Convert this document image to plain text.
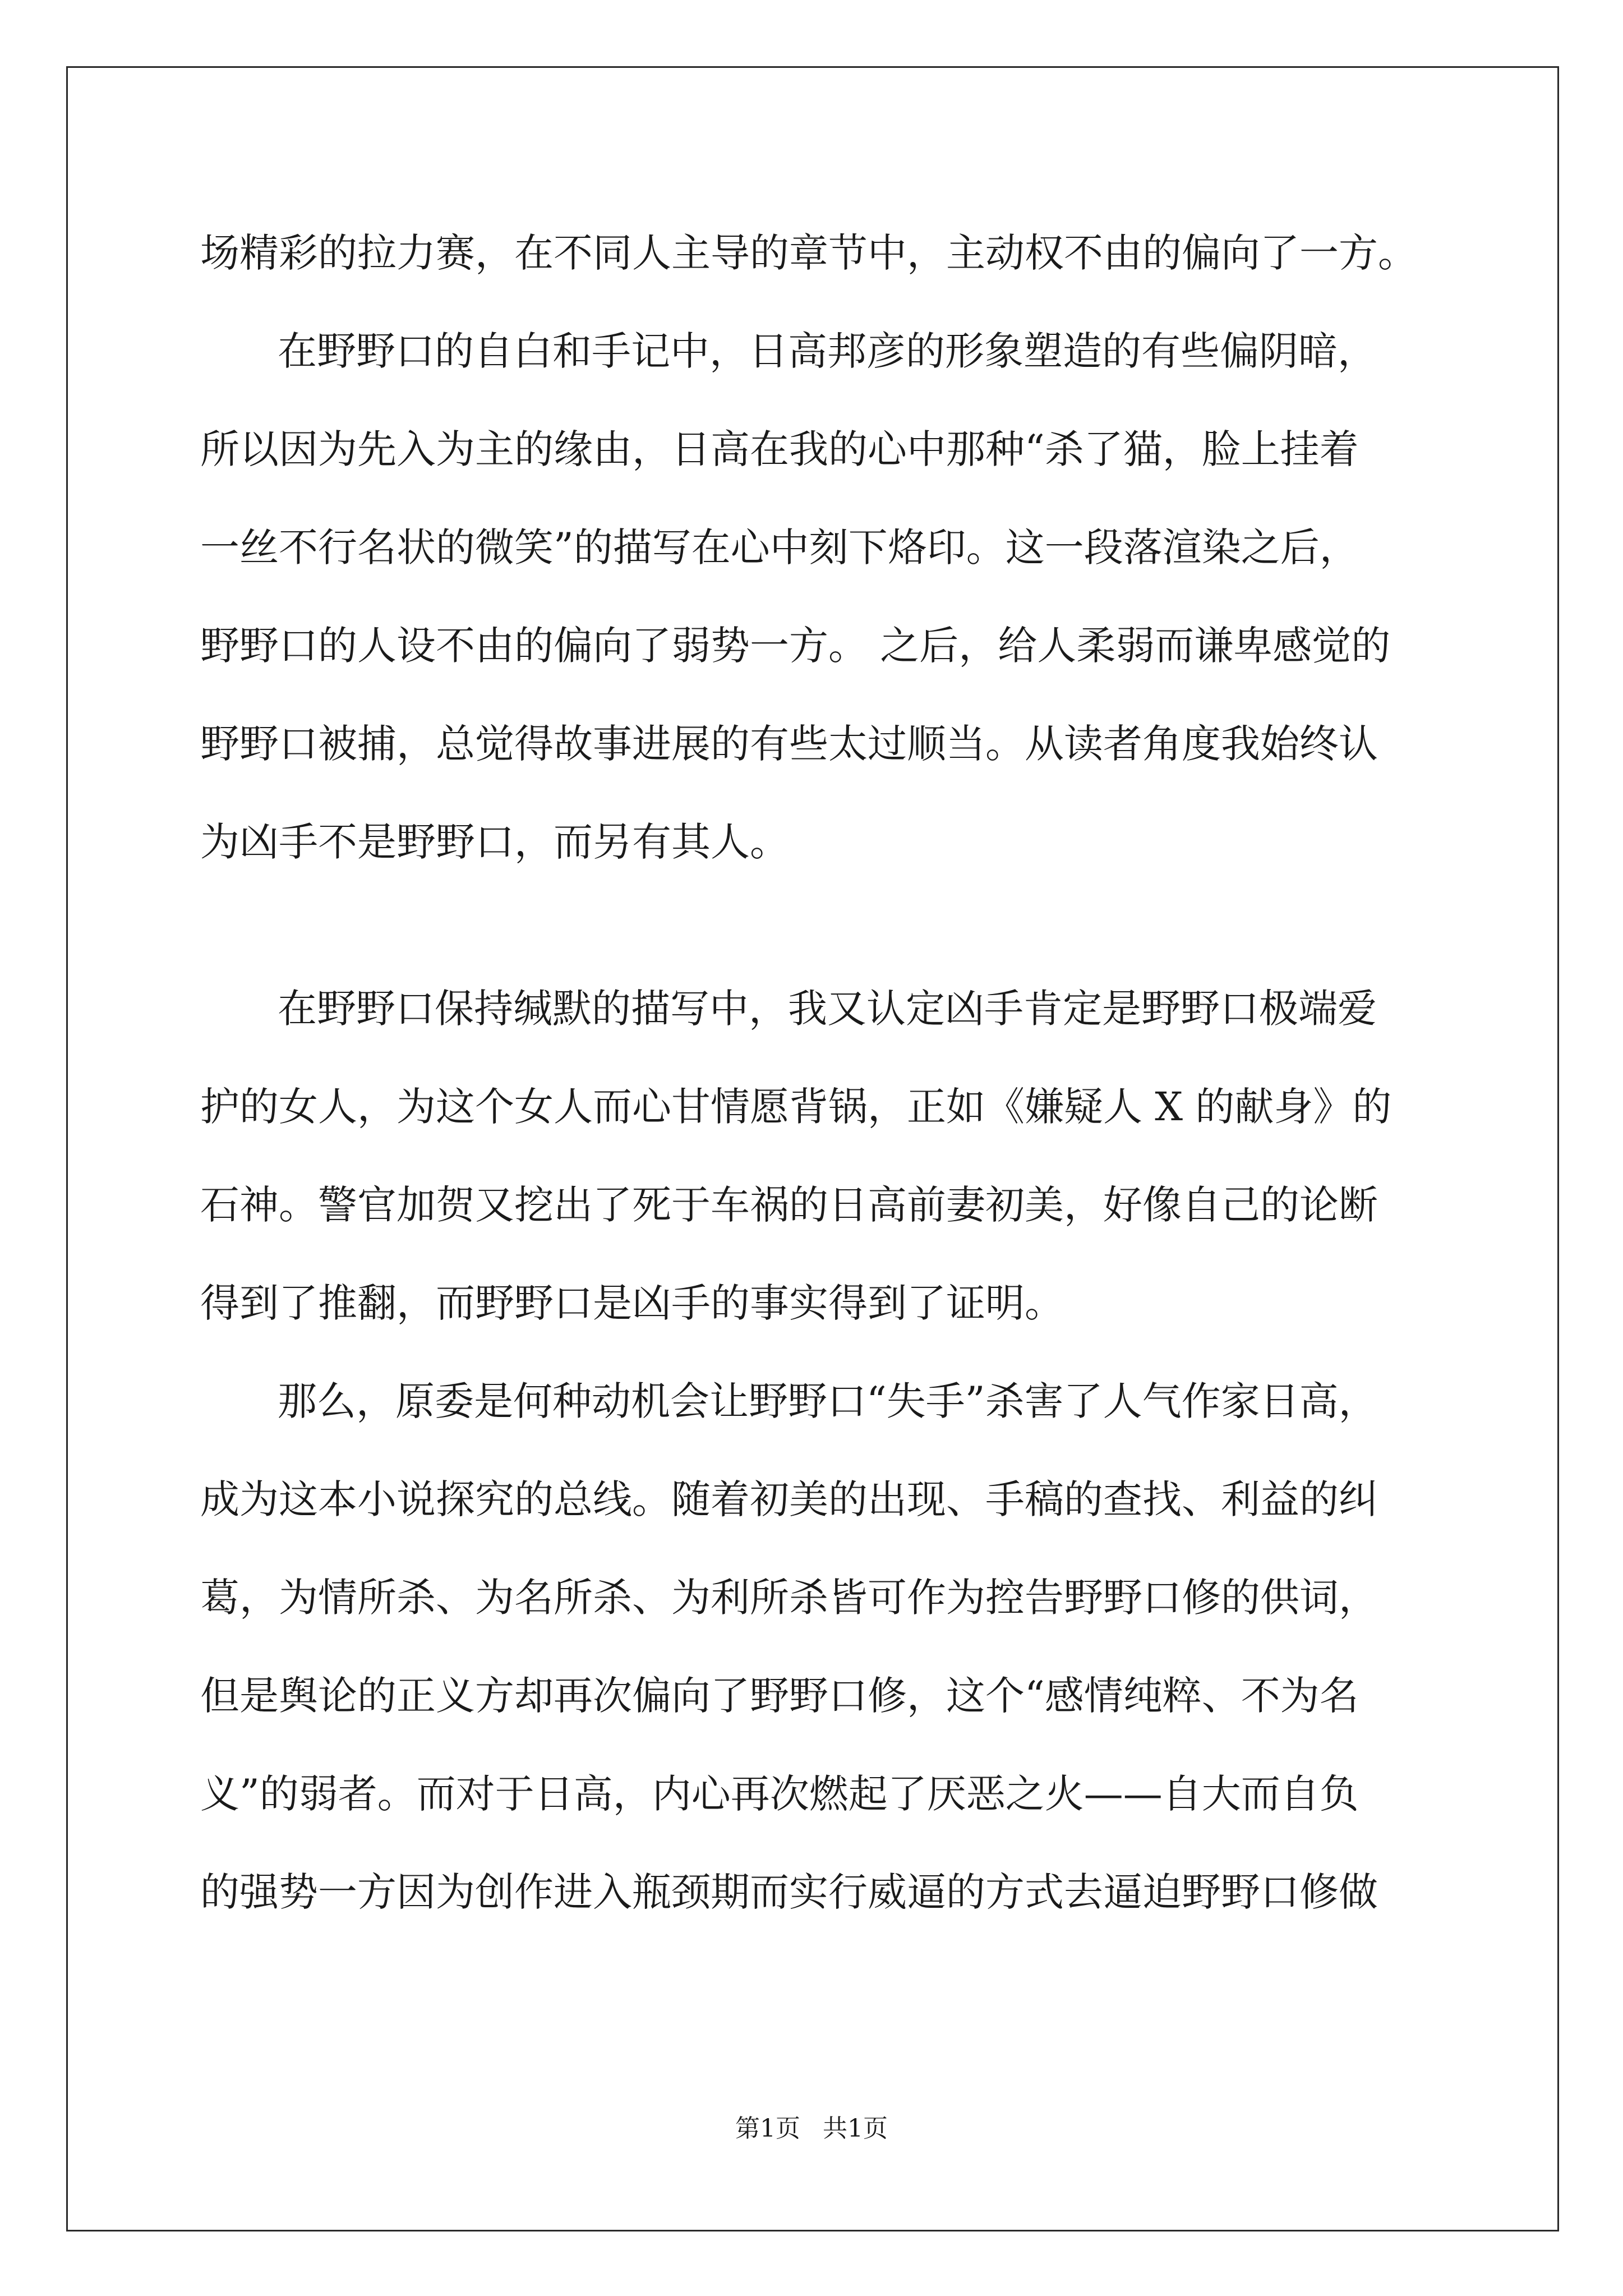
场精彩的拉力赛，在不同人主导的章节中，主动权不由的偏向了一方。
在野野口的自白和手记中，日高邦彦的形象塑造的有些偏阴暗，
所以因为先入为主的缘由，日高在我的心中那种“杀了猫，脸上挂着
一丝不行名状的微笑”的描写在心中刻下烙印。这一段落渲染之后，
野野口的人设不由的偏向了弱势一方。 之后，给人柔弱而谦卑感觉的
野野口被捕，总觉得故事进展的有些太过顺当。从读者角度我始终认
为凶手不是野野口，而另有其人。
在野野口保持缄默的描写中，我又认定凶手肯定是野野口极端爱
护的女人，为这个女人而心甘情愿背锅，正如《嫌疑人 X 的献身》的
石神。警官加贺又挖出了死于车祸的日高前妻初美，好像自己的论断
得到了推翻，而野野口是凶手的事实得到了证明。
那么，原委是何种动机会让野野口“失手”杀害了人气作家日高，
成为这本小说探究的总线。随着初美的出现、手稿的查找、利益的纠
葛，为情所杀、为名所杀、为利所杀皆可作为控告野野口修的供词，
但是舆论的正义方却再次偏向了野野口修，这个“感情纯粹、不为名
义”的弱者。而对于日高，内心再次燃起了厌恶之火——自大而自负
的强势一方因为创作进入瓶颈期而实行威逼的方式去逼迫野野口修做
第1页 共1页
